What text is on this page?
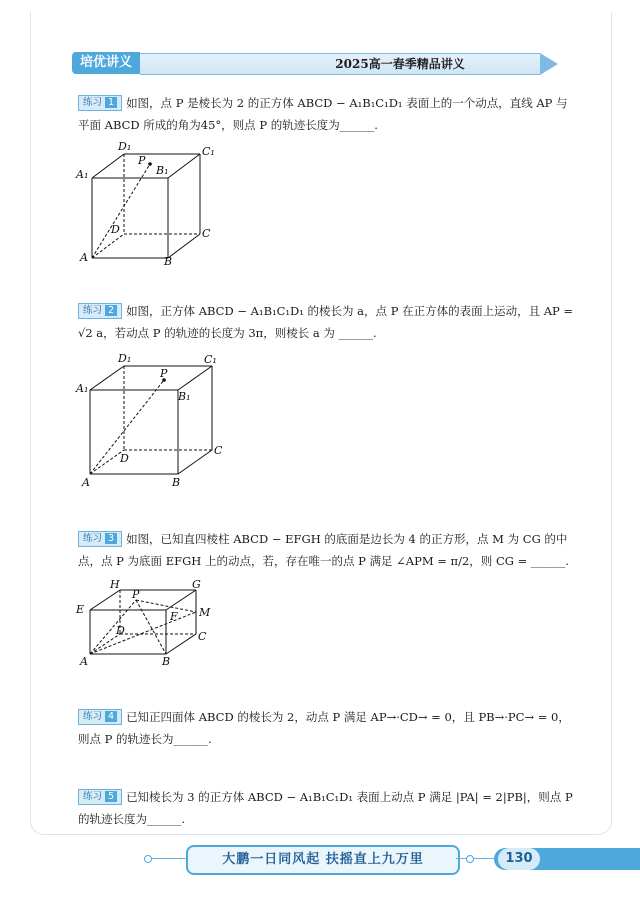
培优讲义	2025高一春季精品讲义
练习 1 如图，点 P 是棱长为 2 的正方体 ABCD − A₁B₁C₁D₁ 表面上的一个动点，直线 AP 与平面 ABCD 所成的角为45°，则点 P 的轨迹长度为______.
D₁	C₁
A₁	B₁
P
D	C
A	B
练习 2 如图，正方体 ABCD − A₁B₁C₁D₁ 的棱长为 a，点 P 在正方体的表面上运动，且 AP = √2 a，若动点 P 的轨迹的长度为 3π，则棱长 a 为 ______.
D₁	C₁
A₁
B₁
P
D
C
A	B
练习 3 如图，已知直四棱柱 ABCD − EFGH 的底面是边长为 4 的正方形，点 M 为 CG 的中点，点 P 为底面 EFGH 上的动点，若，存在唯一的点 P 满足 ∠APM = π/2，则 CG = ______.
H	G
E
F
P
M
D	C
A	B
练习 4 已知正四面体 ABCD 的棱长为 2，动点 P 满足 AP→·CD→ = 0，且 PB→·PC→ = 0，则点 P 的轨迹长为______.
练习 5 已知棱长为 3 的正方体 ABCD − A₁B₁C₁D₁ 表面上动点 P 满足 |PA| = 2|PB|，则点 P 的轨迹长度为______.
大鹏一日同风起 扶摇直上九万里	130
